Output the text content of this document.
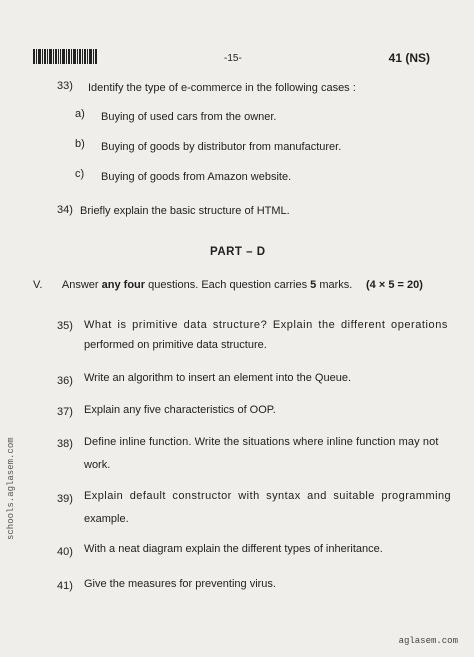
-15-	41 (NS)
33) Identify the type of e-commerce in the following cases :
a) Buying of used cars from the owner.
b) Buying of goods by distributor from manufacturer.
c) Buying of goods from Amazon website.
34) Briefly explain the basic structure of HTML.
PART – D
V. Answer any four questions. Each question carries 5 marks. (4 × 5 = 20)
35) What is primitive data structure? Explain the different operations
performed on primitive data structure.
36) Write an algorithm to insert an element into the Queue.
37) Explain any five characteristics of OOP.
38) Define inline function. Write the situations where inline function may not
work.
39) Explain default constructor with syntax and suitable programming
example.
40) With a neat diagram explain the different types of inheritance.
41) Give the measures for preventing virus.
schools.aglasem.com
aglasem.com
